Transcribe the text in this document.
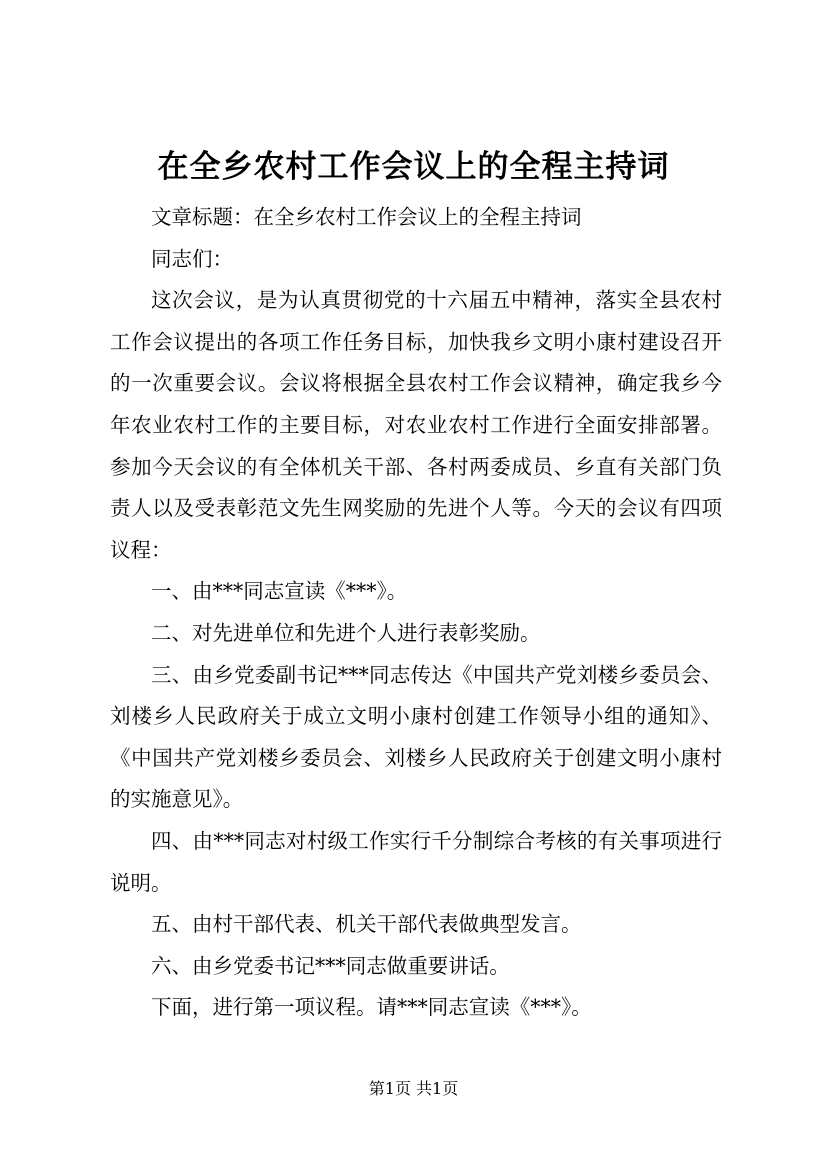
在全乡农村工作会议上的全程主持词

文章标题：在全乡农村工作会议上的全程主持词

同志们：

这次会议，是为认真贯彻党的十六届五中精神，落实全县农村工作会议提出的各项工作任务目标，加快我乡文明小康村建设召开的一次重要会议。会议将根据全县农村工作会议精神，确定我乡今年农业农村工作的主要目标，对农业农村工作进行全面安排部署。参加今天会议的有全体机关干部、各村两委成员、乡直有关部门负责人以及受表彰范文先生网奖励的先进个人等。今天的会议有四项议程：

一、由***同志宣读《***》。

二、对先进单位和先进个人进行表彰奖励。

三、由乡党委副书记***同志传达《中国共产党刘楼乡委员会、刘楼乡人民政府关于成立文明小康村创建工作领导小组的通知》、《中国共产党刘楼乡委员会、刘楼乡人民政府关于创建文明小康村的实施意见》。

四、由***同志对村级工作实行千分制综合考核的有关事项进行说明。

五、由村干部代表、机关干部代表做典型发言。

六、由乡党委书记***同志做重要讲话。

下面，进行第一项议程。请***同志宣读《***》。

第1页 共1页
